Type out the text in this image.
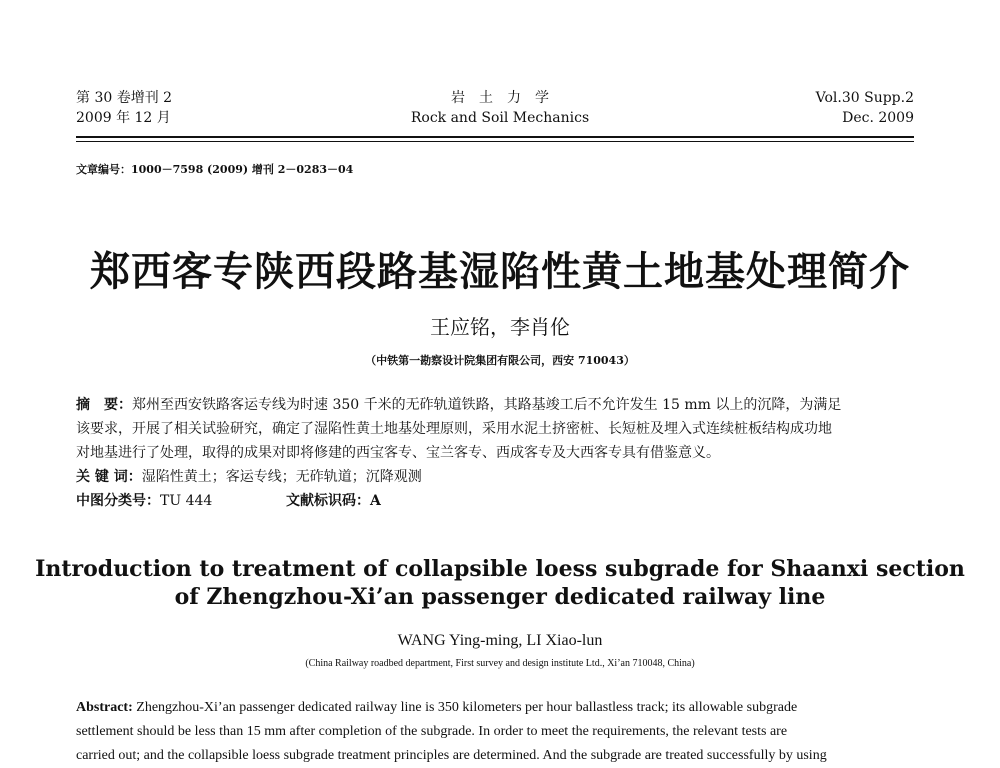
第 30 卷增刊 2
2009 年 12 月
岩　土　力　学
Rock and Soil Mechanics
Vol.30 Supp.2
Dec. 2009
文章编号：1000－7598 (2009) 增刊 2－0283－04
郑西客专陕西段路基湿陷性黄土地基处理简介
王应铭，李肖伦
（中铁第一勘察设计院集团有限公司，西安 710043）
摘　要：郑州至西安铁路客运专线为时速 350 千米的无砟轨道铁路，其路基竣工后不允许发生 15 mm 以上的沉降，为满足
该要求，开展了相关试验研究，确定了湿陷性黄土地基处理原则，采用水泥土挤密桩、长短桩及埋入式连续桩板结构成功地
对地基进行了处理，取得的成果对即将修建的西宝客专、宝兰客专、西成客专及大西客专具有借鉴意义。
关 键 词：湿陷性黄土；客运专线；无砟轨道；沉降观测
中图分类号：TU 444	文献标识码：A
Introduction to treatment of collapsible loess subgrade for Shaanxi section
of Zhengzhou-Xi’an passenger dedicated railway line
WANG Ying-ming, LI Xiao-lun
(China Railway roadbed department, First survey and design institute Ltd., Xi’an 710048, China)
Abstract: Zhengzhou-Xi’an passenger dedicated railway line is 350 kilometers per hour ballastless track; its allowable subgrade
settlement should be less than 15 mm after completion of the subgrade. In order to meet the requirements, the relevant tests are
carried out; and the collapsible loess subgrade treatment principles are determined. And the subgrade are treated successfully by using
